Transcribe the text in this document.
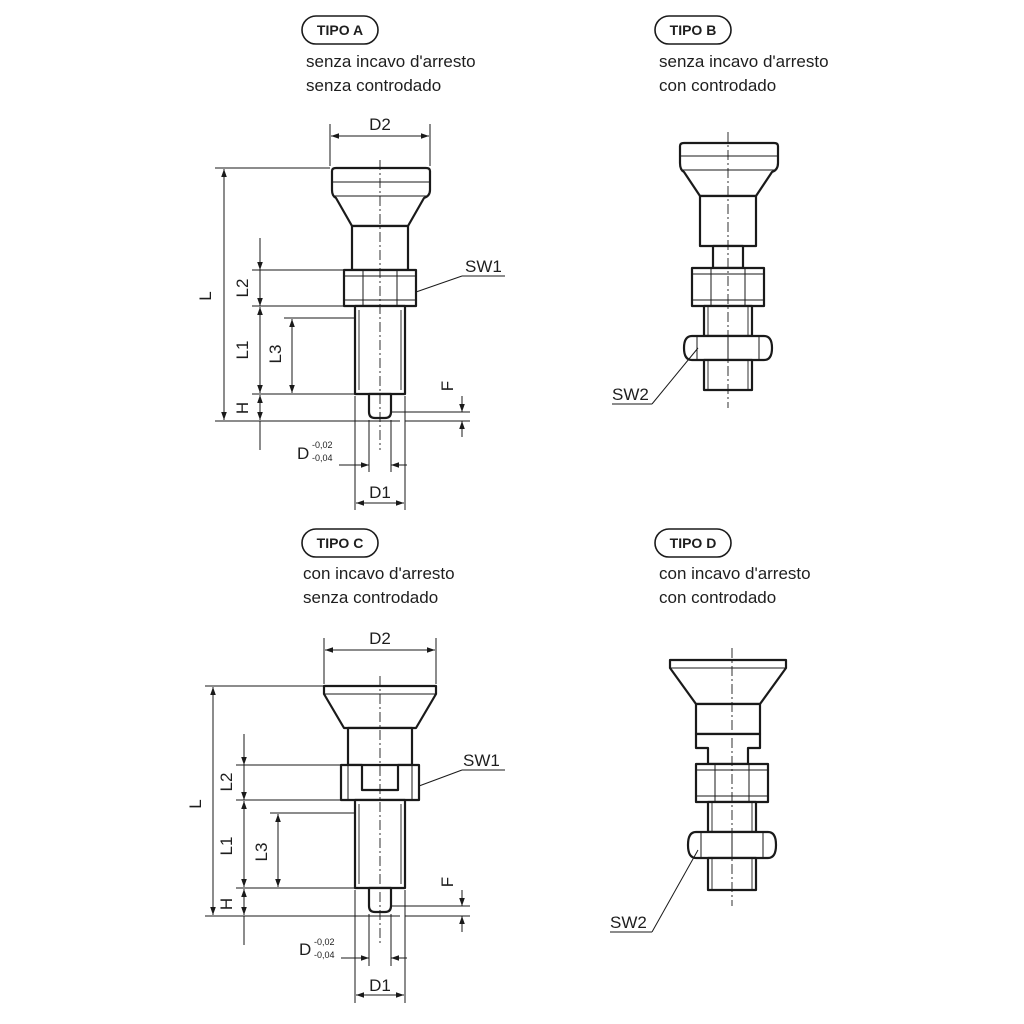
TIPO A
senza incavo d'arresto
senza controdado
D2
L L2
L1 L3
H
F
D -0,02
-0,04
D1
SW1
TIPO B
senza incavo d'arresto
con controdado
SW2
TIPO C
con incavo d'arresto
senza controdado
D2
L
L2
L1 L3
H
F
D -0,02
-0,04
D1
SW1
TIPO D
con incavo d'arresto
con controdado
SW2
